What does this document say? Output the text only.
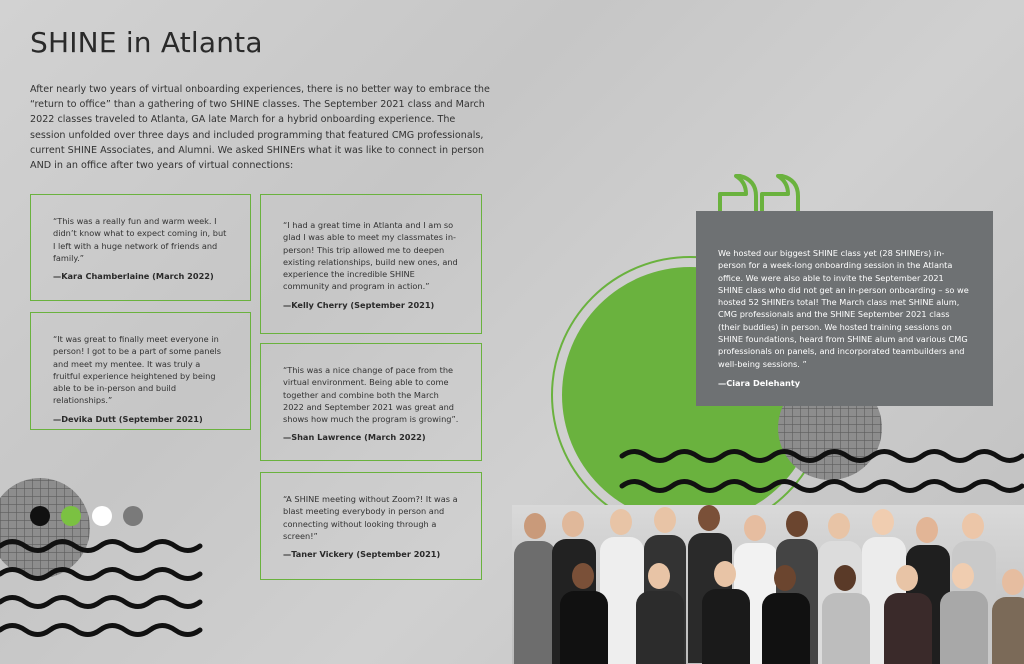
SHINE in Atlanta

After nearly two years of virtual onboarding experiences, there is no better way to embrace the “return to office” than a gathering of two SHINE classes. The September 2021 class and March 2022 classes traveled to Atlanta, GA late March for a hybrid onboarding experience. The session unfolded over three days and included programming that featured CMG professionals, current SHINE Associates, and Alumni. We asked SHINErs what it was like to connect in person AND in an office after two years of virtual connections:

“This was a really fun and warm week. I didn’t know what to expect coming in, but I left with a huge network of friends and family.”

—Kara Chamberlaine (March 2022)

“It was great to finally meet everyone in person! I got to be a part of some panels and meet my mentee. It was truly a fruitful experience heightened by being able to be in-person and build relationships.”

—Devika Dutt (September 2021)

“I had a great time in Atlanta and I am so glad I was able to meet my classmates in-person! This trip allowed me to deepen existing relationships, build new ones, and experience the incredible SHINE community and program in action.”

—Kelly Cherry (September 2021)

“This was a nice change of pace from the virtual environment. Being able to come together and combine both the March 2022 and September 2021 was great and shows how much the program is growing”.

—Shan Lawrence (March 2022)

“A SHINE meeting without Zoom?! It was a blast meeting everybody in person and connecting without looking through a screen!”

—Taner Vickery (September 2021)

We hosted our biggest SHINE class yet (28 SHINErs) in-person for a week-long onboarding session in the Atlanta office. We were also able to invite the September 2021 SHINE class who did not get an in-person onboarding – so we hosted 52 SHINErs total! The March class met SHINE alum, CMG professionals and the SHINE September 2021 class (their buddies) in person. We hosted training sessions on SHINE foundations, heard from SHINE alum and various CMG professionals on panels, and incorporated teambuilders and well-being sessions. ”

—Ciara Delehanty
